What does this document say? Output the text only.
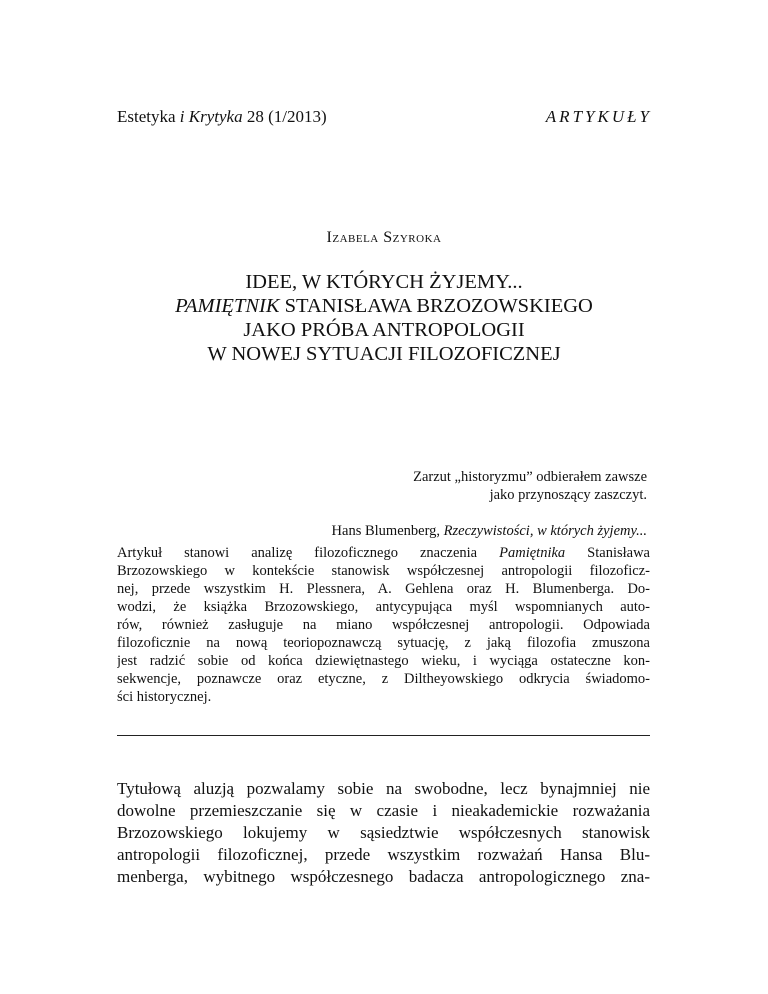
Estetyka i Krytyka 28 (1/2013)	ARTYKUŁY
Izabela Szyroka
IDEE, W KTÓRYCH ŻYJEMY...
PAMIĘTNIK STANISŁAWA BRZOZOWSKIEGO
JAKO PRÓBA ANTROPOLOGII
W NOWEJ SYTUACJI FILOZOFICZNEJ
Zarzut „historyzmu” odbierałem zawsze
jako przynoszący zaszczyt.
Hans Blumenberg, Rzeczywistości, w których żyjemy...
Artykuł stanowi analizę filozoficznego znaczenia Pamiętnika Stanisława
Brzozowskiego w kontekście stanowisk współczesnej antropologii filozoficz-
nej, przede wszystkim H. Plessnera, A. Gehlena oraz H. Blumenberga. Do-
wodzi, że książka Brzozowskiego, antycypująca myśl wspomnianych auto-
rów, również zasługuje na miano współczesnej antropologii. Odpowiada
filozoficznie na nową teoriopoznawczą sytuację, z jaką filozofia zmuszona
jest radzić sobie od końca dziewiętnastego wieku, i wyciąga ostateczne kon-
sekwencje, poznawcze oraz etyczne, z Diltheyowskiego odkrycia świadomo-
ści historycznej.
Tytułową aluzją pozwalamy sobie na swobodne, lecz bynajmniej nie
dowolne przemieszczanie się w czasie i nieakademickie rozważania
Brzozowskiego lokujemy w sąsiedztwie współczesnych stanowisk
antropologii filozoficznej, przede wszystkim rozważań Hansa Blu-
menberga, wybitnego współczesnego badacza antropologicznego zna-
